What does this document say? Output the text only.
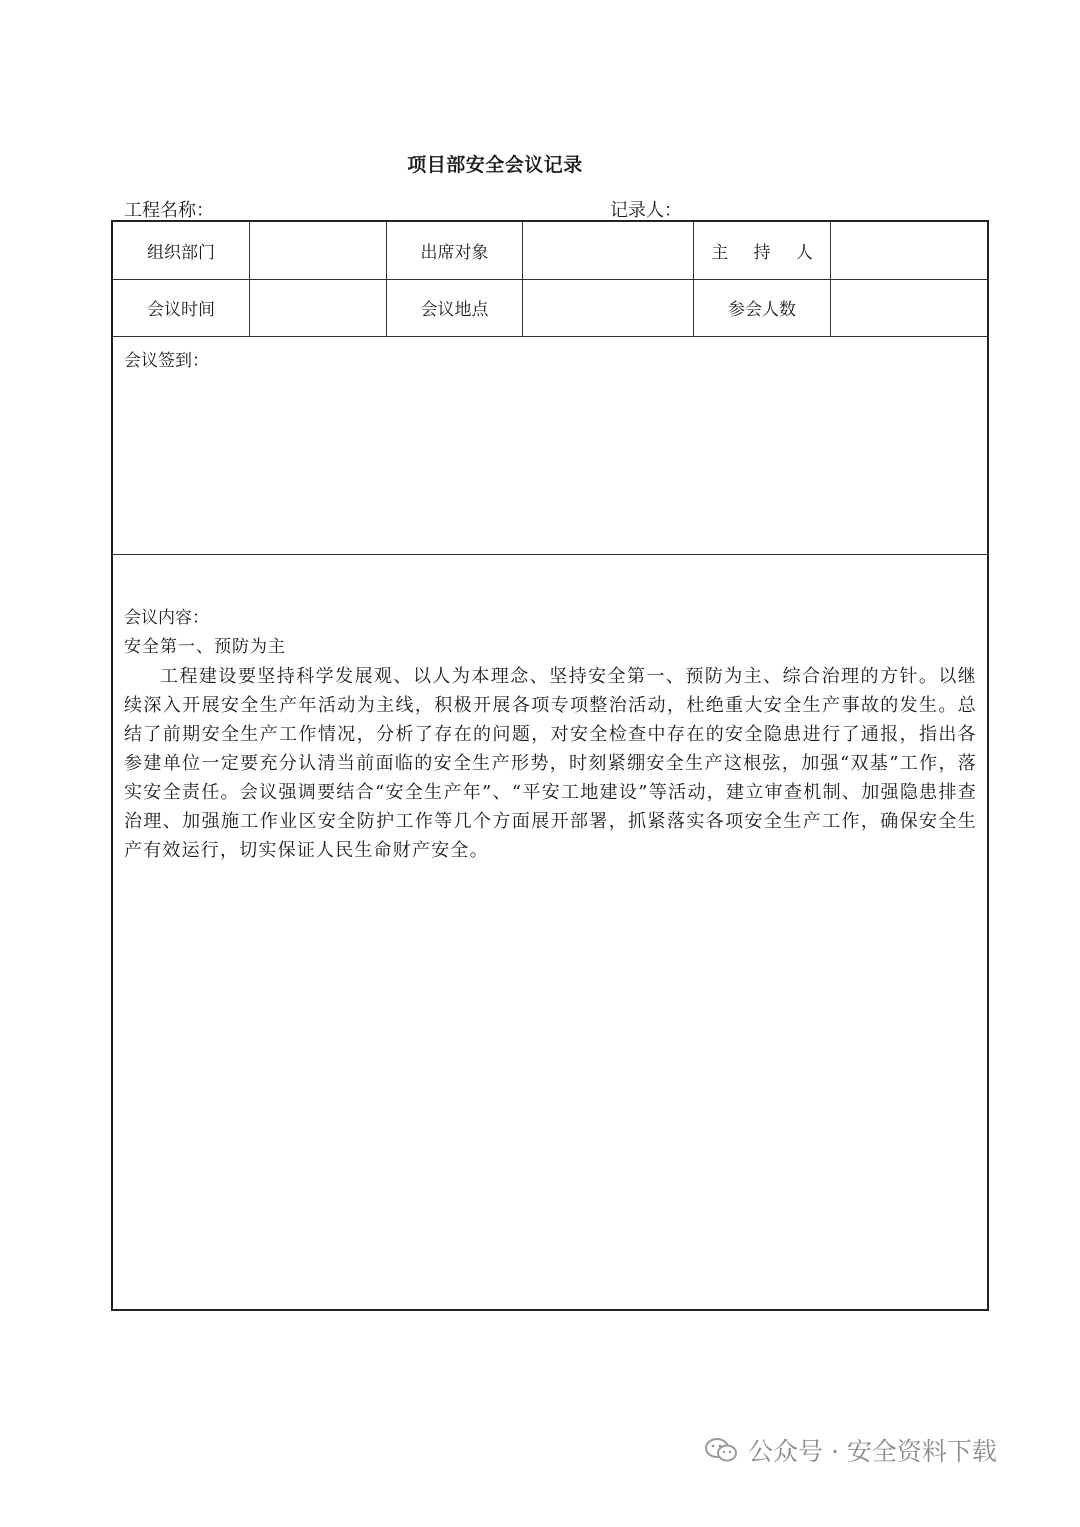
项目部安全会议记录
工程名称：	记录人：
组织部门	出席对象	主 持 人
会议时间	会议地点	参会人数
会议签到：
会议内容：
安全第一、预防为主

工程建设要坚持科学发展观、以人为本理念、坚持安全第一、预防为主、综合治理的方针。以继续深入开展安全生产年活动为主线，积极开展各项专项整治活动，杜绝重大安全生产事故的发生。总结了前期安全生产工作情况，分析了存在的问题，对安全检查中存在的安全隐患进行了通报，指出各参建单位一定要充分认清当前面临的安全生产形势，时刻紧绷安全生产这根弦，加强“双基”工作，落实安全责任。会议强调要结合“安全生产年”、“平安工地建设”等活动，建立审查机制、加强隐患排查治理、加强施工作业区安全防护工作等几个方面展开部署，抓紧落实各项安全生产工作，确保安全生产有效运行，切实保证人民生命财产安全。

公众号 · 安全资料下载
